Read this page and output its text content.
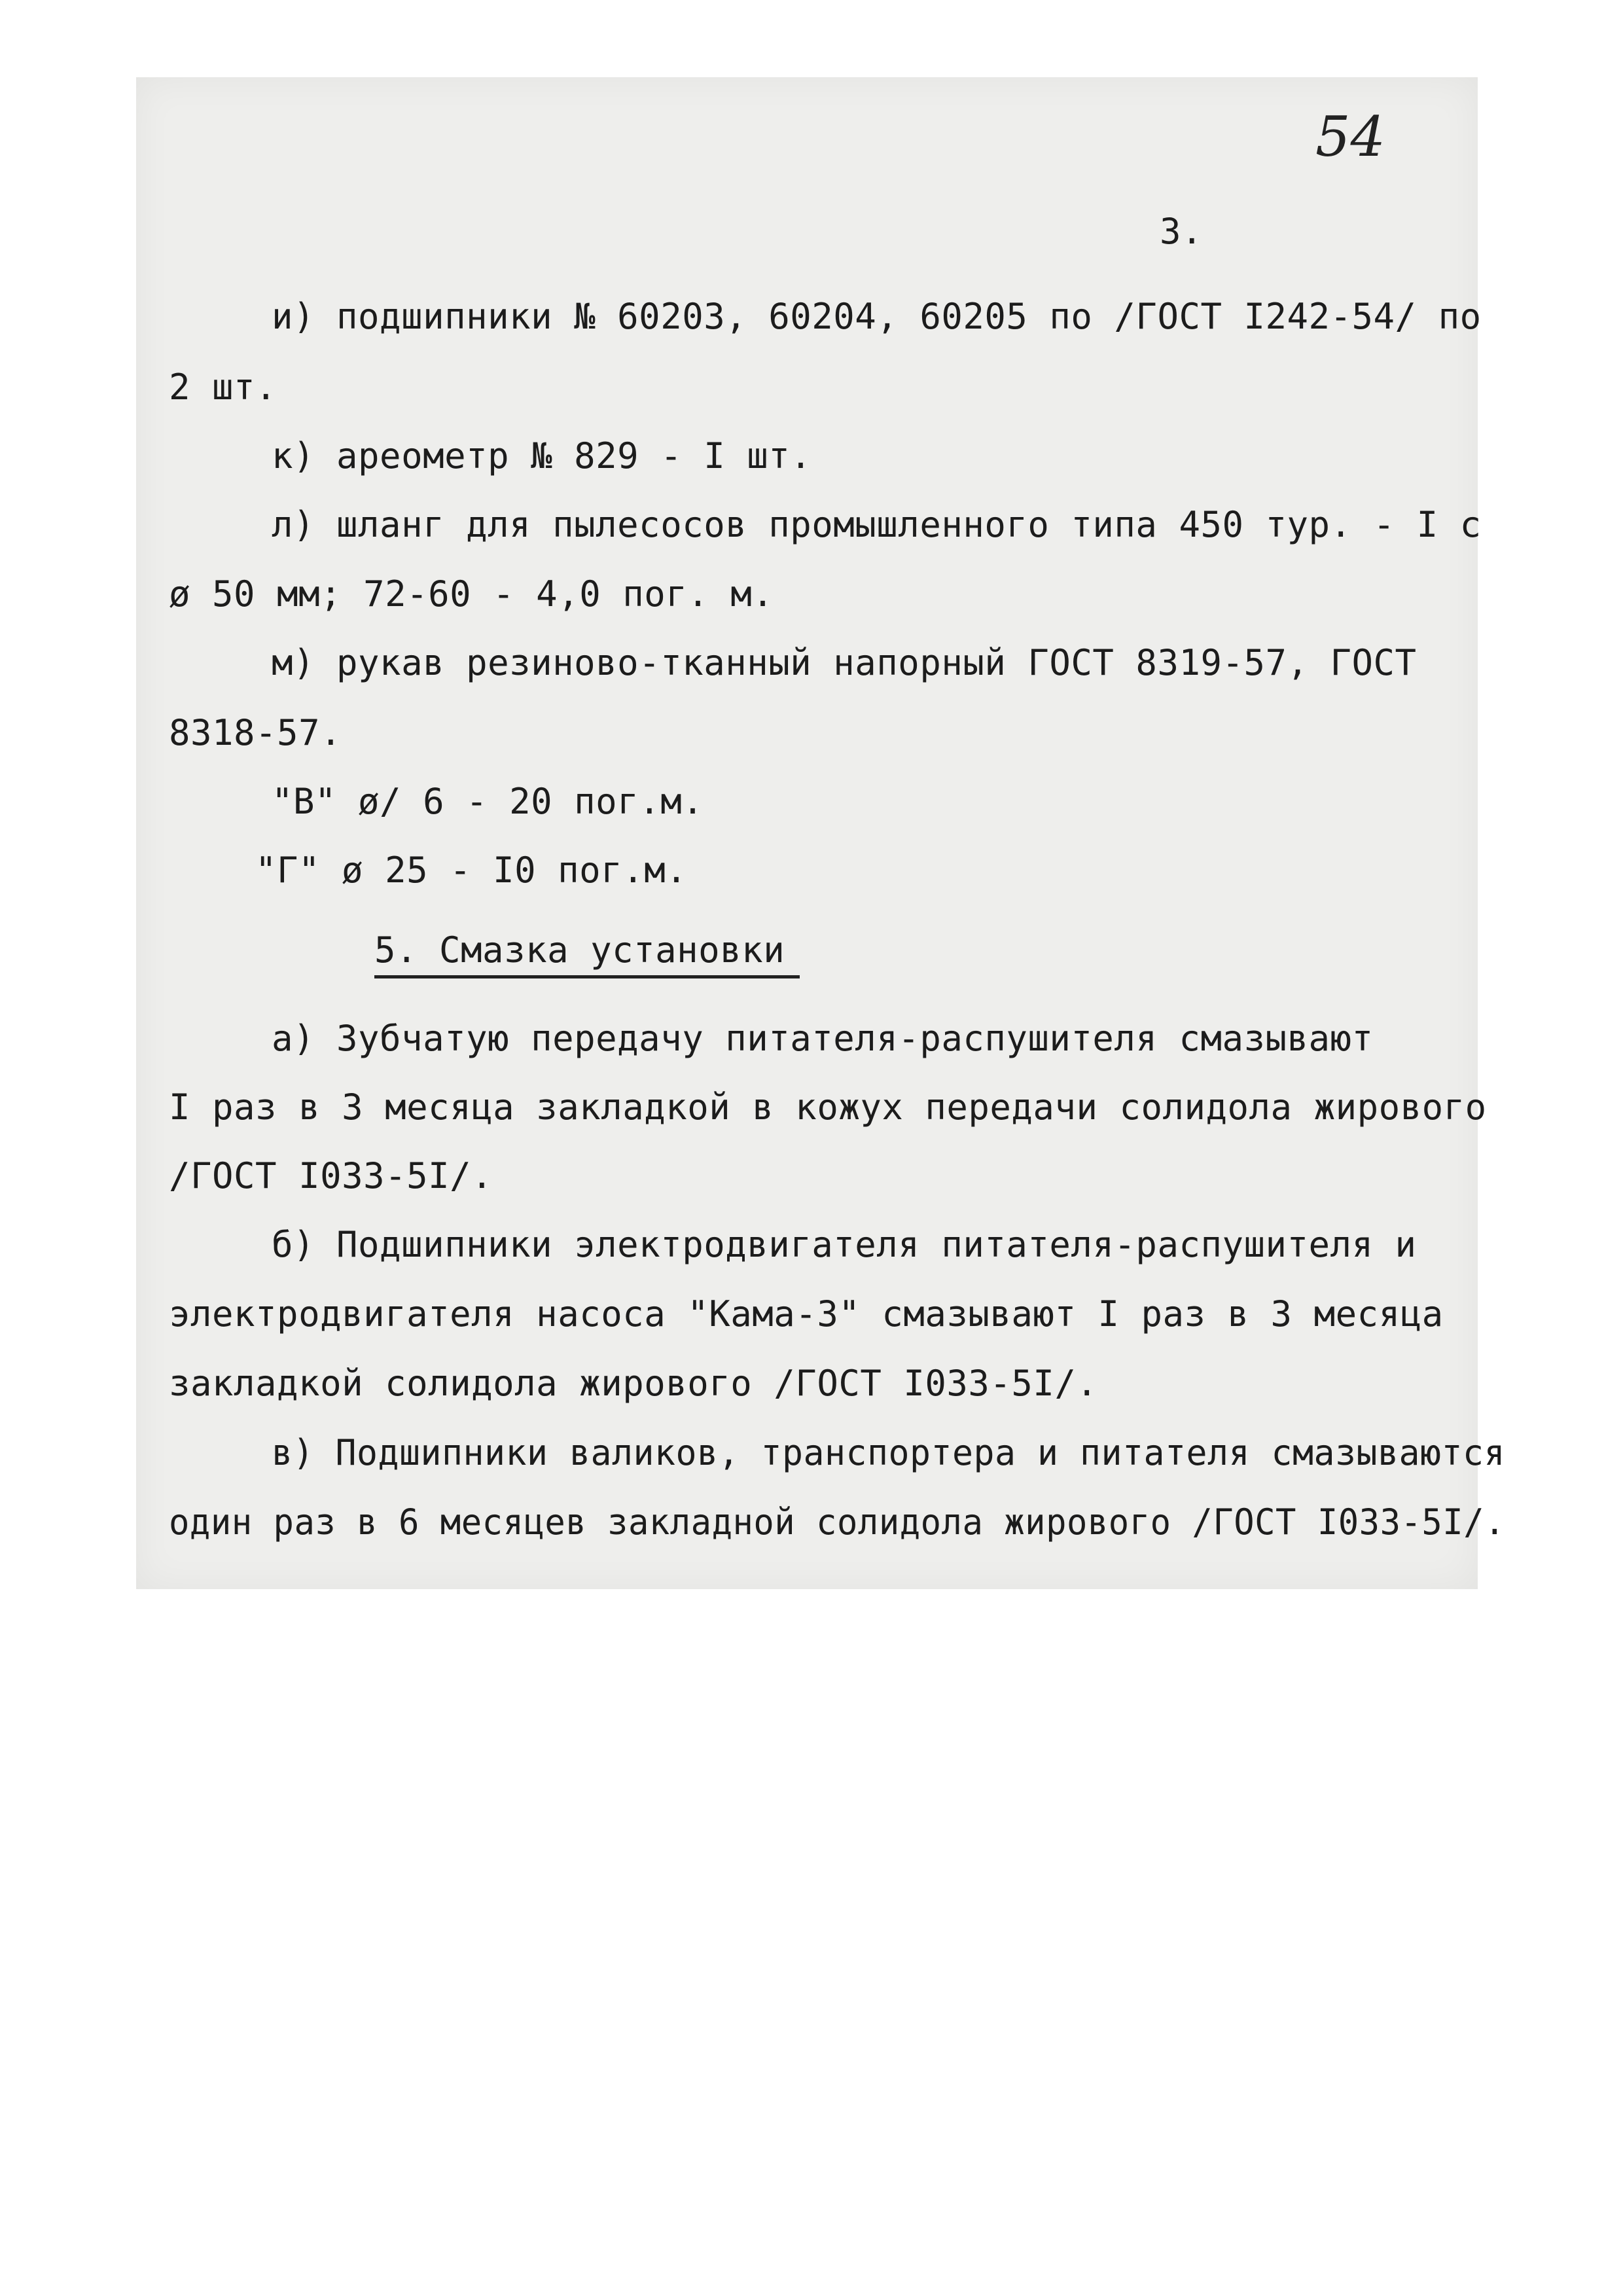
54
3.
и) подшипники № 60203, 60204, 60205 по /ГОСТ I242-54/ по
2 шт.
к) ареометр № 829 - I шт.
л) шланг для пылесосов промышленного типа 450 тур. - I с
ø 50 мм; 72-60 - 4,0 пог. м.
м) рукав резиново-тканный напорный ГОСТ 8319-57, ГОСТ
8318-57.
"В" ø/ 6 - 20 пог.м.
"Г" ø 25 - I0 пог.м.
5. Смазка установки
а) Зубчатую передачу питателя-распушителя смазывают
I раз в 3 месяца закладкой в кожух передачи солидола жирового
/ГОСТ I033-5I/.
б) Подшипники электродвигателя питателя-распушителя и
электродвигателя насоса "Кама-3" смазывают I раз в 3 месяца
закладкой солидола жирового /ГОСТ I033-5I/.
в) Подшипники валиков, транспортера и питателя смазываются
один раз в 6 месяцев закладной солидола жирового /ГОСТ I033-5I/.
